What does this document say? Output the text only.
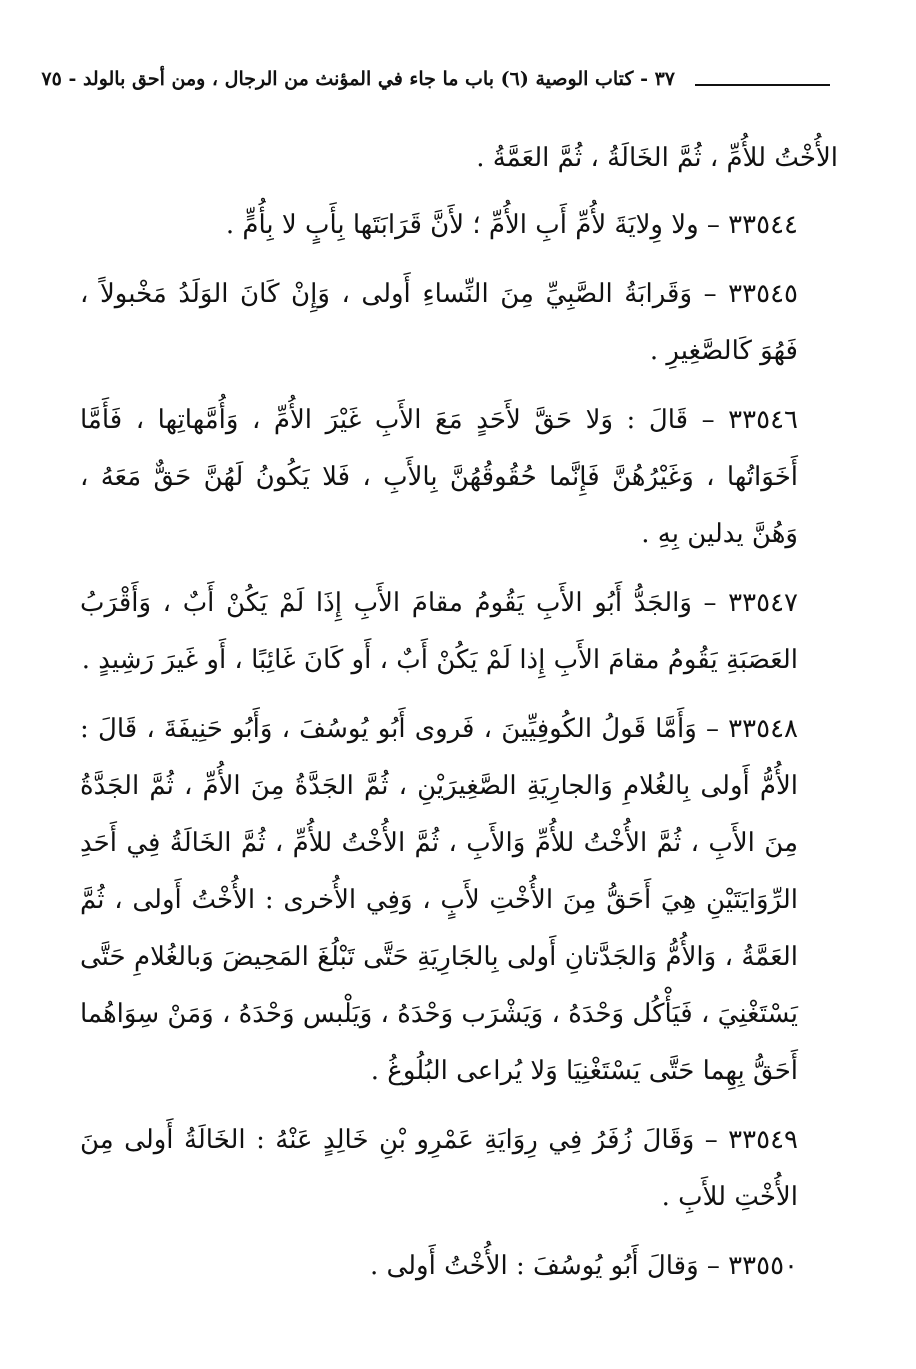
٣٧ - كتاب الوصية (٦) باب ما جاء في المؤنث من الرجال ، ومن أحق بالولد - ٧٥

الأُخْتُ للأُمِّ ، ثُمَّ الخَالَةُ ، ثُمَّ العَمَّةُ .

٣٣٥٤٤ – ولا وِلايَةَ لأُمِّ أَبِ الأُمِّ ؛ لأَنَّ قَرَابَتَها بِأَبٍ لا بِأُمٍّ .

٣٣٥٤٥ – وَقَرابَةُ الصَّبِيِّ مِنَ النِّساءِ أَولى ، وَإِنْ كَانَ الوَلَدُ مَخْبولاً ، فَهُوَ كَالصَّغِيرِ .

٣٣٥٤٦ – قَالَ : وَلا حَقَّ لأَحَدٍ مَعَ الأَبِ غَيْرَ الأُمِّ ، وَأُمَّهاتِها ، فَأَمَّا أَخَوَاتُها ، وَغَيْرُهُنَّ فَإِنَّما حُقُوقُهُنَّ بِالأَبِ ، فَلا يَكُونُ لَهُنَّ حَقٌّ مَعَهُ ، وَهُنَّ يدلين بِهِ .

٣٣٥٤٧ – وَالجَدُّ أَبُو الأَبِ يَقُومُ مقامَ الأَبِ إِذَا لَمْ يَكُنْ أَبٌ ، وَأَقْرَبُ العَصَبَةِ يَقُومُ مقامَ الأَبِ إِذا لَمْ يَكُنْ أَبٌ ، أَو كَانَ غَائِبًا ، أَو غَيرَ رَشِيدٍ .

٣٣٥٤٨ – وَأَمَّا قَولُ الكُوفِيِّينَ ، فَروى أَبُو يُوسُفَ ، وَأَبُو حَنِيفَةَ ، قَالَ : الأُمُّ أَولى بِالغُلامِ وَالجارِيَةِ الصَّغِيرَيْنِ ، ثُمَّ الجَدَّةُ مِنَ الأُمِّ ، ثُمَّ الجَدَّةُ مِنَ الأَبِ ، ثُمَّ الأُخْتُ للأُمِّ وَالأَبِ ، ثُمَّ الأُخْتُ للأُمِّ ، ثُمَّ الخَالَةُ فِي أَحَدِ الرِّوَايَتَيْنِ هِيَ أَحَقُّ مِنَ الأُخْتِ لأَبٍ ، وَفِي الأُخرى : الأُخْتُ أَولى ، ثُمَّ العَمَّةُ ، وَالأُمُّ وَالجَدَّتانِ أَولى بِالجَارِيَةِ حَتَّى تَبْلُغَ المَحِيضَ وَبالغُلامِ حَتَّى يَسْتَغْنِيَ ، فَيَأْكُل وَحْدَهُ ، وَيَشْرَب وَحْدَهُ ، وَيَلْبس وَحْدَهُ ، وَمَنْ سِوَاهُما أَحَقُّ بِهِما حَتَّى يَسْتَغْنِيَا وَلا يُراعى البُلُوغُ .

٣٣٥٤٩ – وَقَالَ زُفَرُ فِي رِوَايَةِ عَمْرِو بْنِ خَالِدٍ عَنْهُ : الخَالَةُ أَولى مِنَ الأُخْتِ للأَبِ .

٣٣٥٥٠ – وَقالَ أَبُو يُوسُفَ : الأُخْتُ أَولى .
